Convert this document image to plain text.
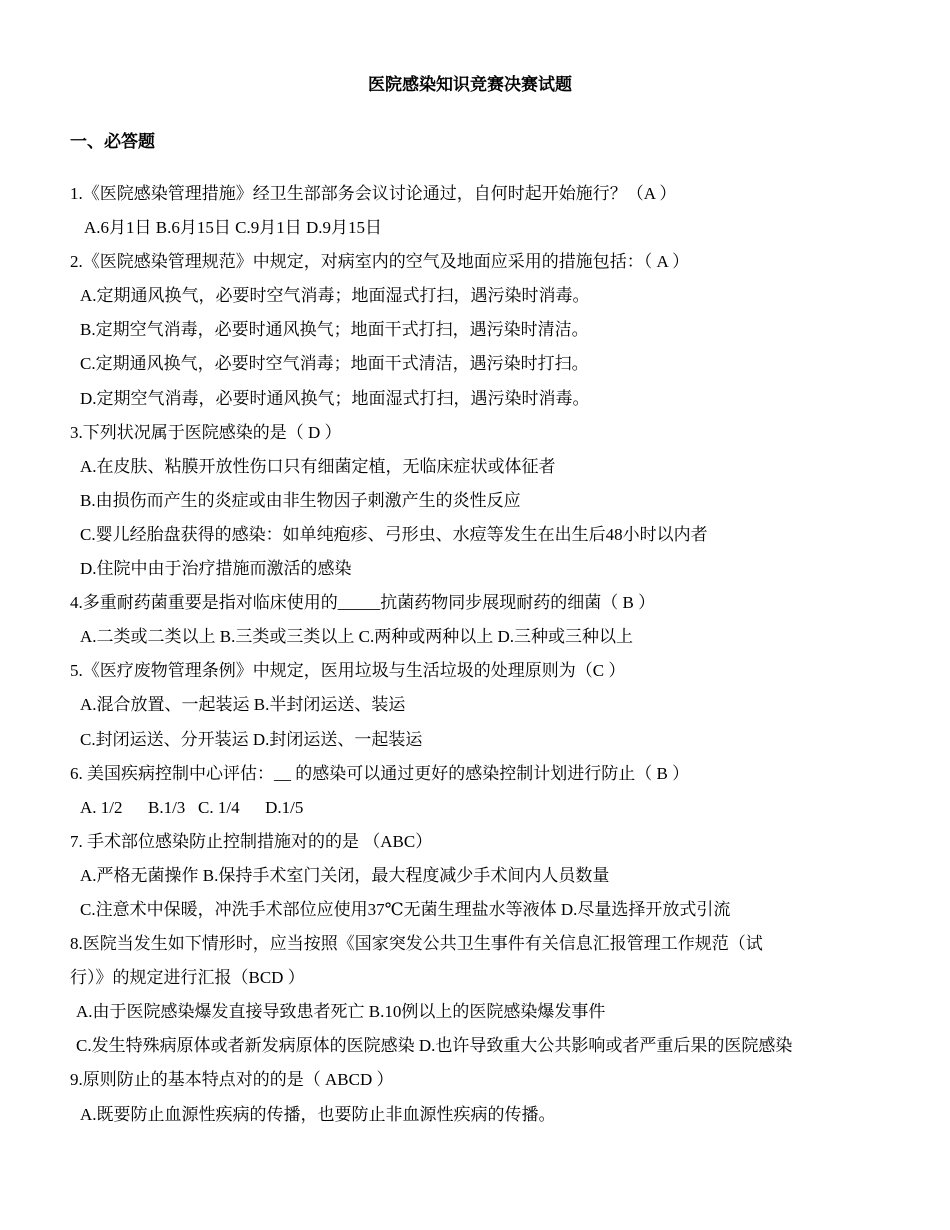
医院感染知识竞赛决赛试题
一、必答题
1.《医院感染管理措施》经卫生部部务会议讨论通过，自何时起开始施行？（A ）
A.6月1日 B.6月15日 C.9月1日 D.9月15日
2.《医院感染管理规范》中规定，对病室内的空气及地面应采用的措施包括：（ A ）
A.定期通风换气，必要时空气消毒；地面湿式打扫，遇污染时消毒。
B.定期空气消毒，必要时通风换气；地面干式打扫，遇污染时清洁。
C.定期通风换气，必要时空气消毒；地面干式清洁，遇污染时打扫。
D.定期空气消毒，必要时通风换气；地面湿式打扫，遇污染时消毒。
3.下列状况属于医院感染的是（ D ）
A.在皮肤、粘膜开放性伤口只有细菌定植，无临床症状或体征者
B.由损伤而产生的炎症或由非生物因子刺激产生的炎性反应
C.婴儿经胎盘获得的感染：如单纯疱疹、弓形虫、水痘等发生在出生后48小时以内者
D.住院中由于治疗措施而激活的感染
4.多重耐药菌重要是指对临床使用的_____抗菌药物同步展现耐药的细菌（ B ）
A.二类或二类以上 B.三类或三类以上 C.两种或两种以上 D.三种或三种以上
5.《医疗废物管理条例》中规定，医用垃圾与生活垃圾的处理原则为（C ）
A.混合放置、一起装运 B.半封闭运送、装运
C.封闭运送、分开装运 D.封闭运送、一起装运
6. 美国疾病控制中心评估：__ 的感染可以通过更好的感染控制计划进行防止（ B ）
A. 1/2      B.1/3   C. 1/4      D.1/5
7. 手术部位感染防止控制措施对的的是 （ABC）
A.严格无菌操作 B.保持手术室门关闭，最大程度减少手术间内人员数量
C.注意术中保暖，冲洗手术部位应使用37℃无菌生理盐水等液体 D.尽量选择开放式引流
8.医院当发生如下情形时，应当按照《国家突发公共卫生事件有关信息汇报管理工作规范（试
行）》的规定进行汇报（BCD ）
A.由于医院感染爆发直接导致患者死亡 B.10例以上的医院感染爆发事件
C.发生特殊病原体或者新发病原体的医院感染 D.也许导致重大公共影响或者严重后果的医院感染
9.原则防止的基本特点对的的是（ ABCD ）
A.既要防止血源性疾病的传播，也要防止非血源性疾病的传播。
